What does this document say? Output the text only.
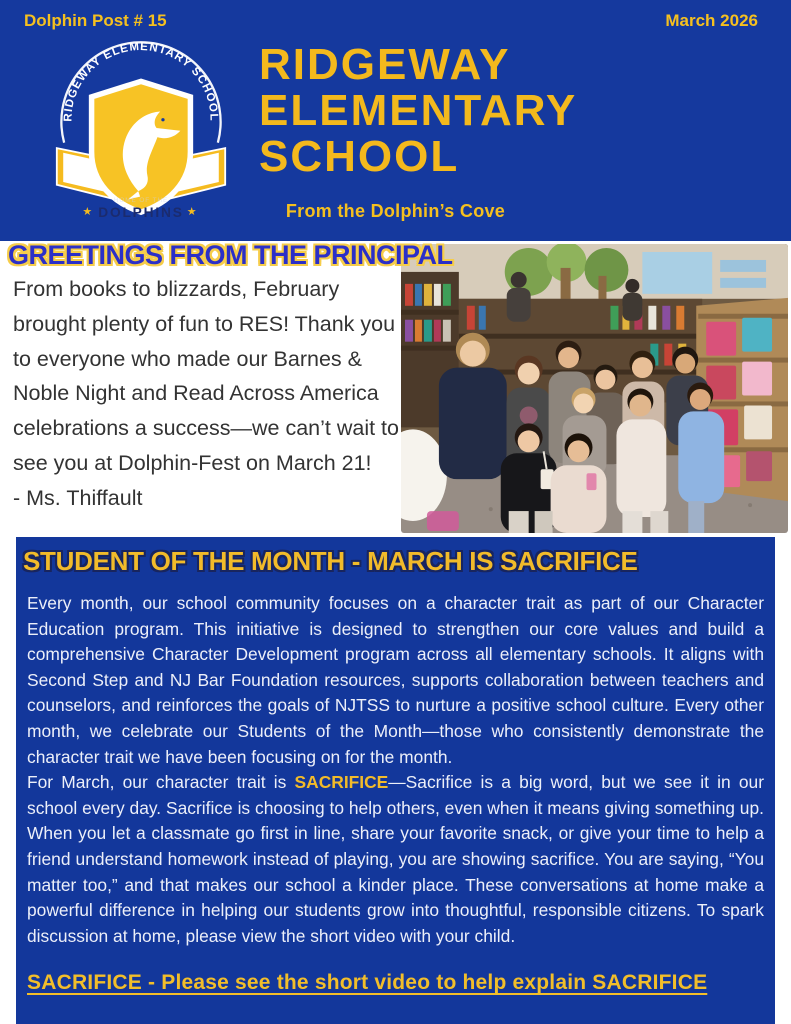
Dolphin Post # 15	March 2026
RIDGEWAY ELEMENTARY SCHOOL
HOME OF THE
DOLPHINS
★	★
RIDGEWAY
ELEMENTARY
SCHOOL
From the Dolphin’s Cove
GREETINGS FROM THE PRINCIPAL

From books to blizzards, February brought plenty of fun to RES! Thank you to everyone who made our Barnes & Noble Night and Read Across America celebrations a success—we can’t wait to see you at Dolphin-Fest on March 21!

- Ms. Thiffault

STUDENT OF THE MONTH - MARCH IS SACRIFICE

Every month, our school community focuses on a character trait as part of our Character Education program. This initiative is designed to strengthen our core values and build a comprehensive Character Development program across all elementary schools. It aligns with Second Step and NJ Bar Foundation resources, supports collaboration between teachers and counselors, and reinforces the goals of NJTSS to nurture a positive school culture. Every other month, we celebrate our Students of the Month—those who consistently demonstrate the character trait we have been focusing on for the month.

For March, our character trait is SACRIFICE—Sacrifice is a big word, but we see it in our school every day. Sacrifice is choosing to help others, even when it means giving something up. When you let a classmate go first in line, share your favorite snack, or give your time to help a friend understand homework instead of playing, you are showing sacrifice. You are saying, “You matter too,” and that makes our school a kinder place. These conversations at home make a powerful difference in helping our students grow into thoughtful, responsible citizens. To spark discussion at home, please view the short video with your child.

SACRIFICE - Please see the short video to help explain SACRIFICE
